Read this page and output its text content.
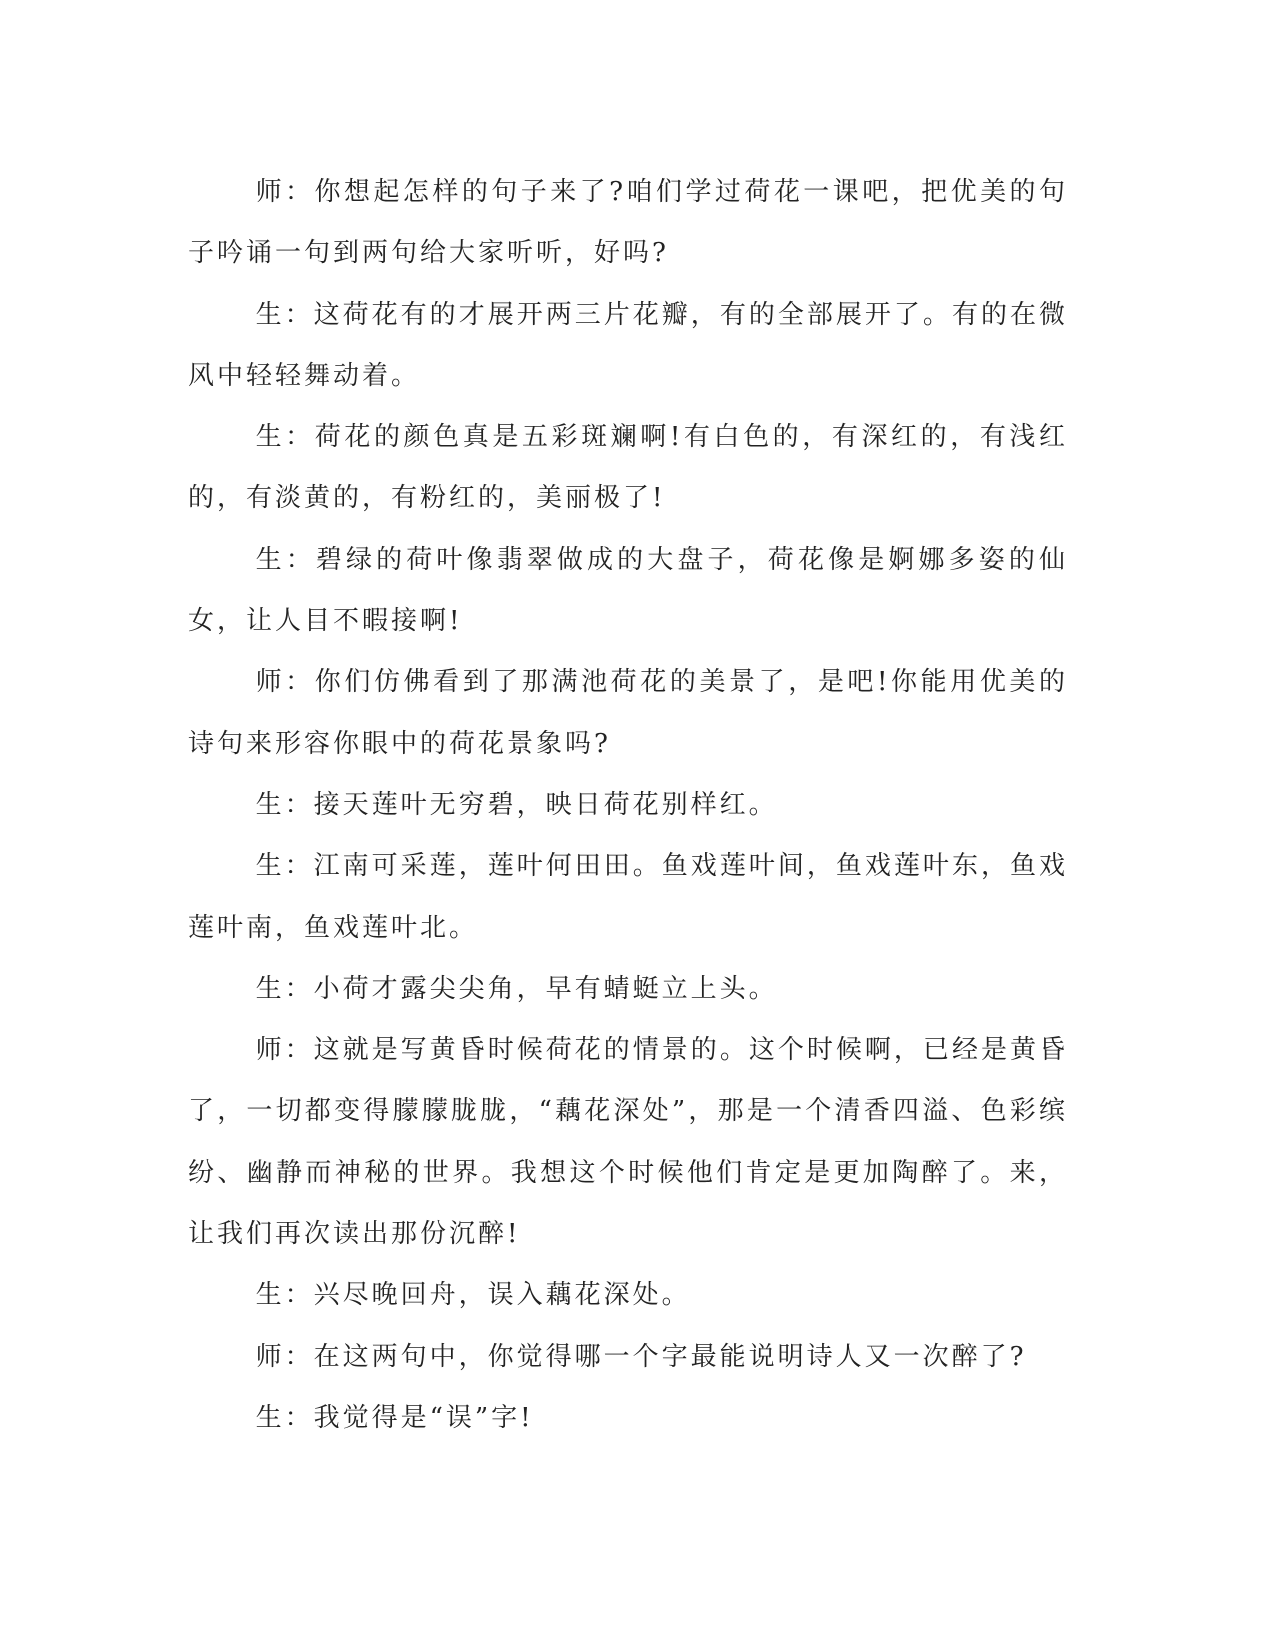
师：你想起怎样的句子来了?咱们学过荷花一课吧，把优美的句子吟诵一句到两句给大家听听，好吗?

生：这荷花有的才展开两三片花瓣，有的全部展开了。有的在微风中轻轻舞动着。

生：荷花的颜色真是五彩斑斓啊!有白色的，有深红的，有浅红的，有淡黄的，有粉红的，美丽极了!

生：碧绿的荷叶像翡翠做成的大盘子，荷花像是婀娜多姿的仙女，让人目不暇接啊!

师：你们仿佛看到了那满池荷花的美景了，是吧!你能用优美的诗句来形容你眼中的荷花景象吗?

生：接天莲叶无穷碧，映日荷花别样红。

生：江南可采莲，莲叶何田田。鱼戏莲叶间，鱼戏莲叶东，鱼戏莲叶南，鱼戏莲叶北。

生：小荷才露尖尖角，早有蜻蜓立上头。

师：这就是写黄昏时候荷花的情景的。这个时候啊，已经是黄昏了，一切都变得朦朦胧胧，“藕花深处”，那是一个清香四溢、色彩缤纷、幽静而神秘的世界。我想这个时候他们肯定是更加陶醉了。来，让我们再次读出那份沉醉!

生：兴尽晚回舟，误入藕花深处。

师：在这两句中，你觉得哪一个字最能说明诗人又一次醉了?

生：我觉得是“误”字!
